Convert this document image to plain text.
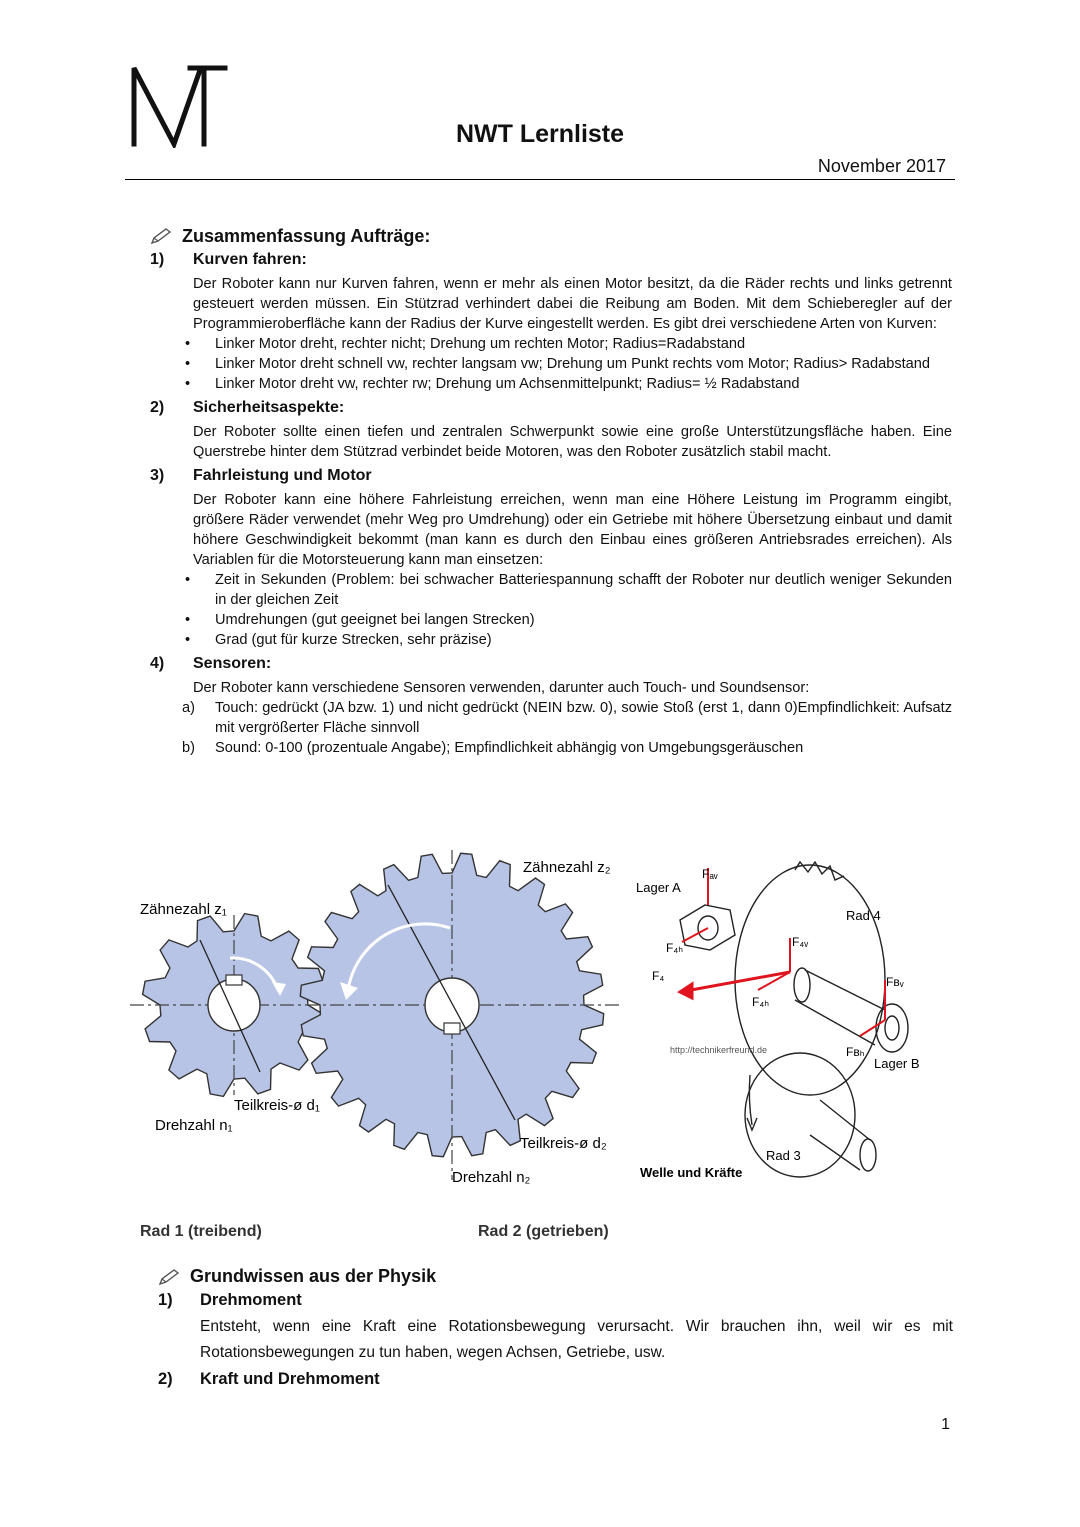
NWT Lernliste
November 2017
Zusammenfassung Aufträge:
1)	Kurven fahren:
Der Roboter kann nur Kurven fahren, wenn er mehr als einen Motor besitzt, da die Räder rechts und links getrennt gesteuert werden müssen. Ein Stützrad verhindert dabei die Reibung am Boden. Mit dem Schieberegler auf der Programmieroberfläche kann der Radius der Kurve eingestellt werden. Es gibt drei verschiedene Arten von Kurven:
• Linker Motor dreht, rechter nicht; Drehung um rechten Motor; Radius=Radabstand
• Linker Motor dreht schnell vw, rechter langsam vw; Drehung um Punkt rechts vom Motor; Radius> Radabstand
• Linker Motor dreht vw, rechter rw; Drehung um Achsenmittelpunkt; Radius= ½ Radabstand
2)	Sicherheitsaspekte:
Der Roboter sollte einen tiefen und zentralen Schwerpunkt sowie eine große Unterstützungsfläche haben. Eine Querstrebe hinter dem Stützrad verbindet beide Motoren, was den Roboter zusätzlich stabil macht.
3)	Fahrleistung und Motor
Der Roboter kann eine höhere Fahrleistung erreichen, wenn man eine Höhere Leistung im Programm eingibt, größere Räder verwendet (mehr Weg pro Umdrehung) oder ein Getriebe mit höhere Übersetzung einbaut und damit höhere Geschwindigkeit bekommt (man kann es durch den Einbau eines größeren Antriebsrades erreichen). Als Variablen für die Motorsteuerung kann man einsetzen:
• Zeit in Sekunden (Problem: bei schwacher Batteriespannung schafft der Roboter nur deutlich weniger Sekunden in der gleichen Zeit
• Umdrehungen (gut geeignet bei langen Strecken)
• Grad (gut für kurze Strecken, sehr präzise)
4)	Sensoren:
Der Roboter kann verschiedene Sensoren verwenden, darunter auch Touch- und Soundsensor:
a) Touch: gedrückt (JA bzw. 1) und nicht gedrückt (NEIN bzw. 0), sowie Stoß (erst 1, dann 0)Empfindlichkeit: Aufsatz mit vergrößerter Fläche sinnvoll
b) Sound: 0-100 (prozentuale Angabe); Empfindlichkeit abhängig von Umgebungsgeräuschen
Zähnezahl z₁
Zähnezahl z₂
Teilkreis-ø d₁
Teilkreis-ø d₂
Drehzahl n₁
Drehzahl n₂
Rad 1 (treibend)	Rad 2 (getrieben)
Lager A
Rad 4
Lager B
Rad 3
Fₐᵥ
F₄ₕ
F₄
F₄ᵥ
F₄ₕ
Fʙᵥ
Fʙₕ
http://technikerfreund.de
Welle und Kräfte
Grundwissen aus der Physik
1)	Drehmoment
Entsteht, wenn eine Kraft eine Rotationsbewegung verursacht. Wir brauchen ihn, weil wir es mit Rotationsbewegungen zu tun haben, wegen Achsen, Getriebe, usw.
2)	Kraft und Drehmoment
1
